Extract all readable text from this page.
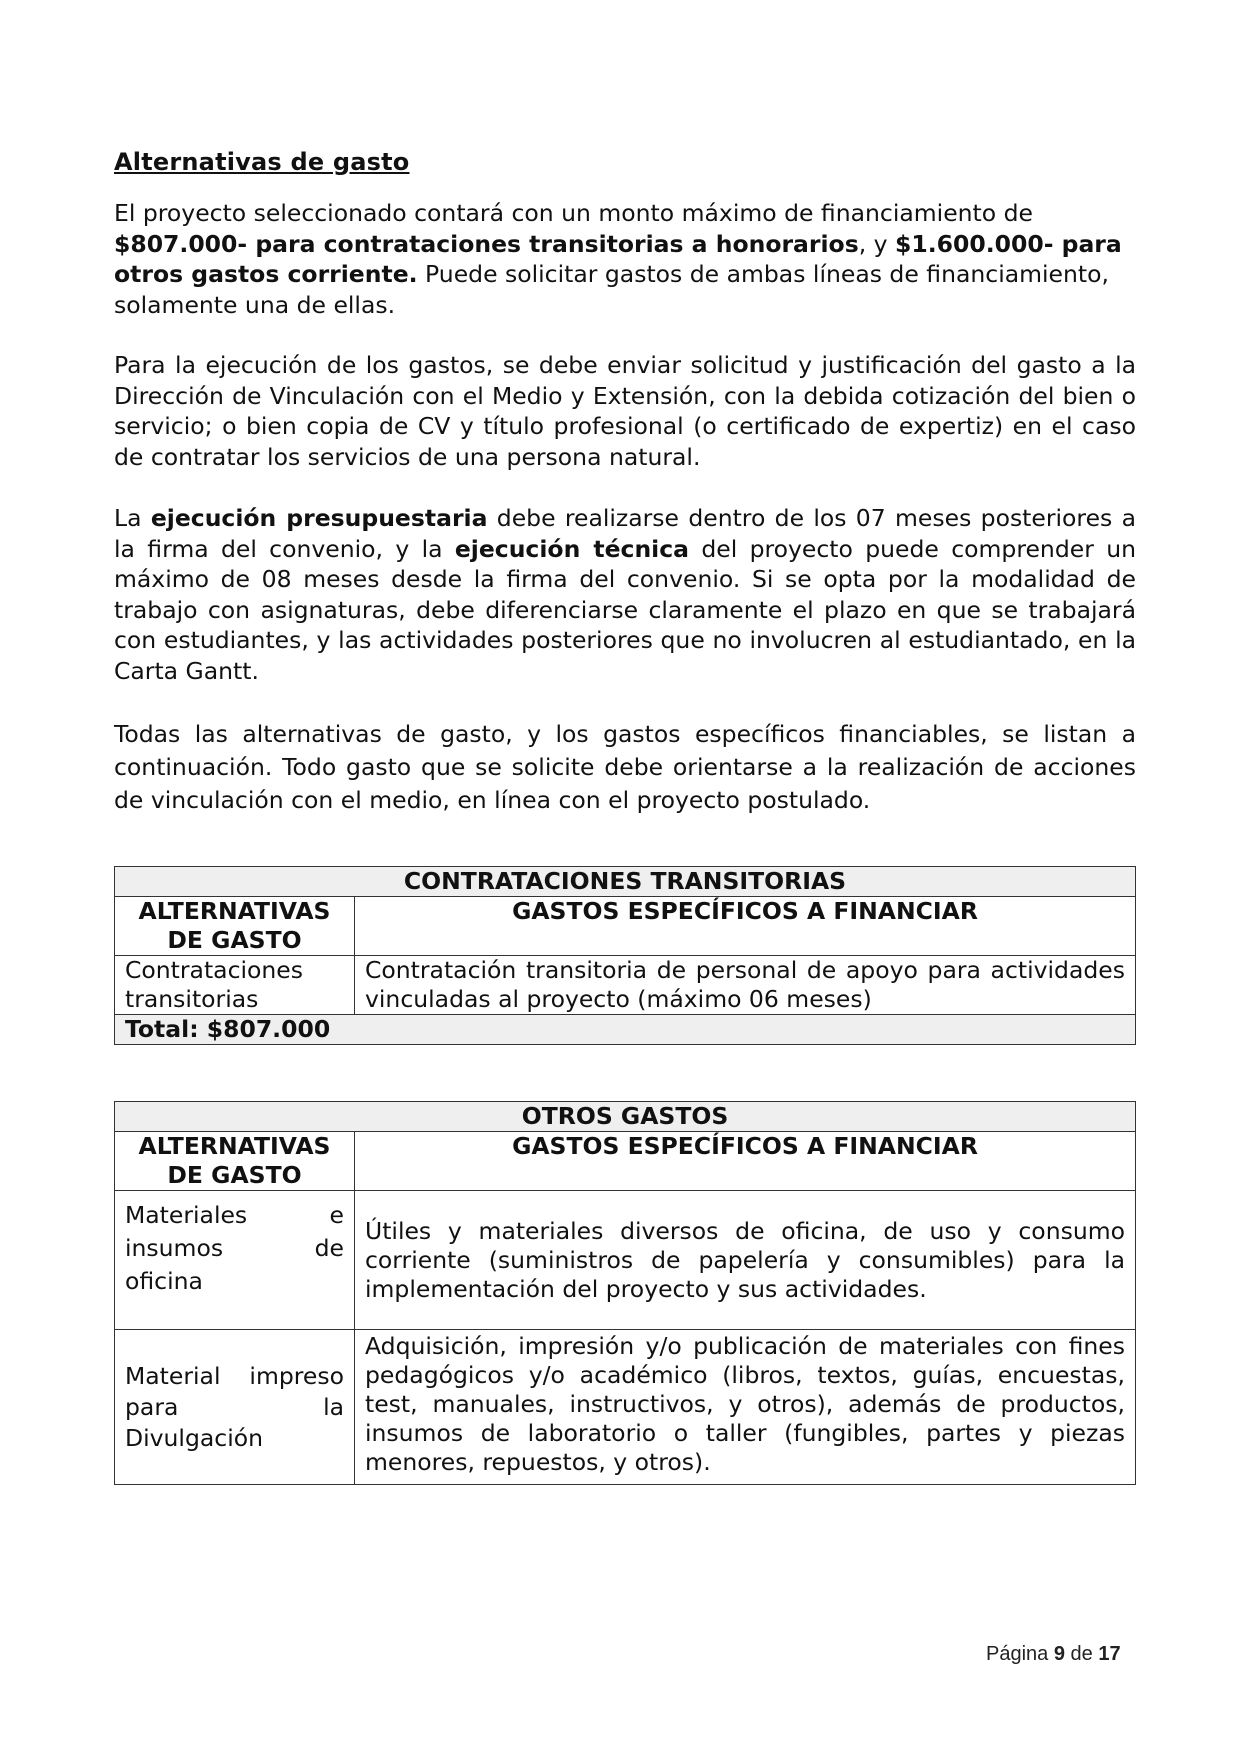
Alternativas de gasto

El proyecto seleccionado contará con un monto máximo de financiamiento de $807.000- para contrataciones transitorias a honorarios, y $1.600.000- para otros gastos corriente. Puede solicitar gastos de ambas líneas de financiamiento, solamente una de ellas.

Para la ejecución de los gastos, se debe enviar solicitud y justificación del gasto a la Dirección de Vinculación con el Medio y Extensión, con la debida cotización del bien o servicio; o bien copia de CV y título profesional (o certificado de expertiz) en el caso de contratar los servicios de una persona natural.

La ejecución presupuestaria debe realizarse dentro de los 07 meses posteriores a la firma del convenio, y la ejecución técnica del proyecto puede comprender un máximo de 08 meses desde la firma del convenio. Si se opta por la modalidad de trabajo con asignaturas, debe diferenciarse claramente el plazo en que se trabajará con estudiantes, y las actividades posteriores que no involucren al estudiantado, en la Carta Gantt.

Todas las alternativas de gasto, y los gastos específicos financiables, se listan a continuación. Todo gasto que se solicite debe orientarse a la realización de acciones de vinculación con el medio, en línea con el proyecto postulado.

CONTRATACIONES TRANSITORIAS	
ALTERNATIVAS DE GASTO	GASTOS ESPECÍFICOS A FINANCIAR
Contrataciones transitorias	Contratación transitoria de personal de apoyo para actividades vinculadas al proyecto (máximo 06 meses)
Total: $807.000	
OTROS GASTOS	
ALTERNATIVAS DE GASTO	GASTOS ESPECÍFICOS A FINANCIAR
Materiales e insumos de oficina	Útiles y materiales diversos de oficina, de uso y consumo corriente (suministros de papelería y consumibles) para la implementación del proyecto y sus actividades.
Material impreso para la Divulgación	Adquisición, impresión y/o publicación de materiales con fines pedagógicos y/o académico (libros, textos, guías, encuestas, test, manuales, instructivos, y otros), además de productos, insumos de laboratorio o taller (fungibles, partes y piezas menores, repuestos, y otros).
Página 9 de 17
